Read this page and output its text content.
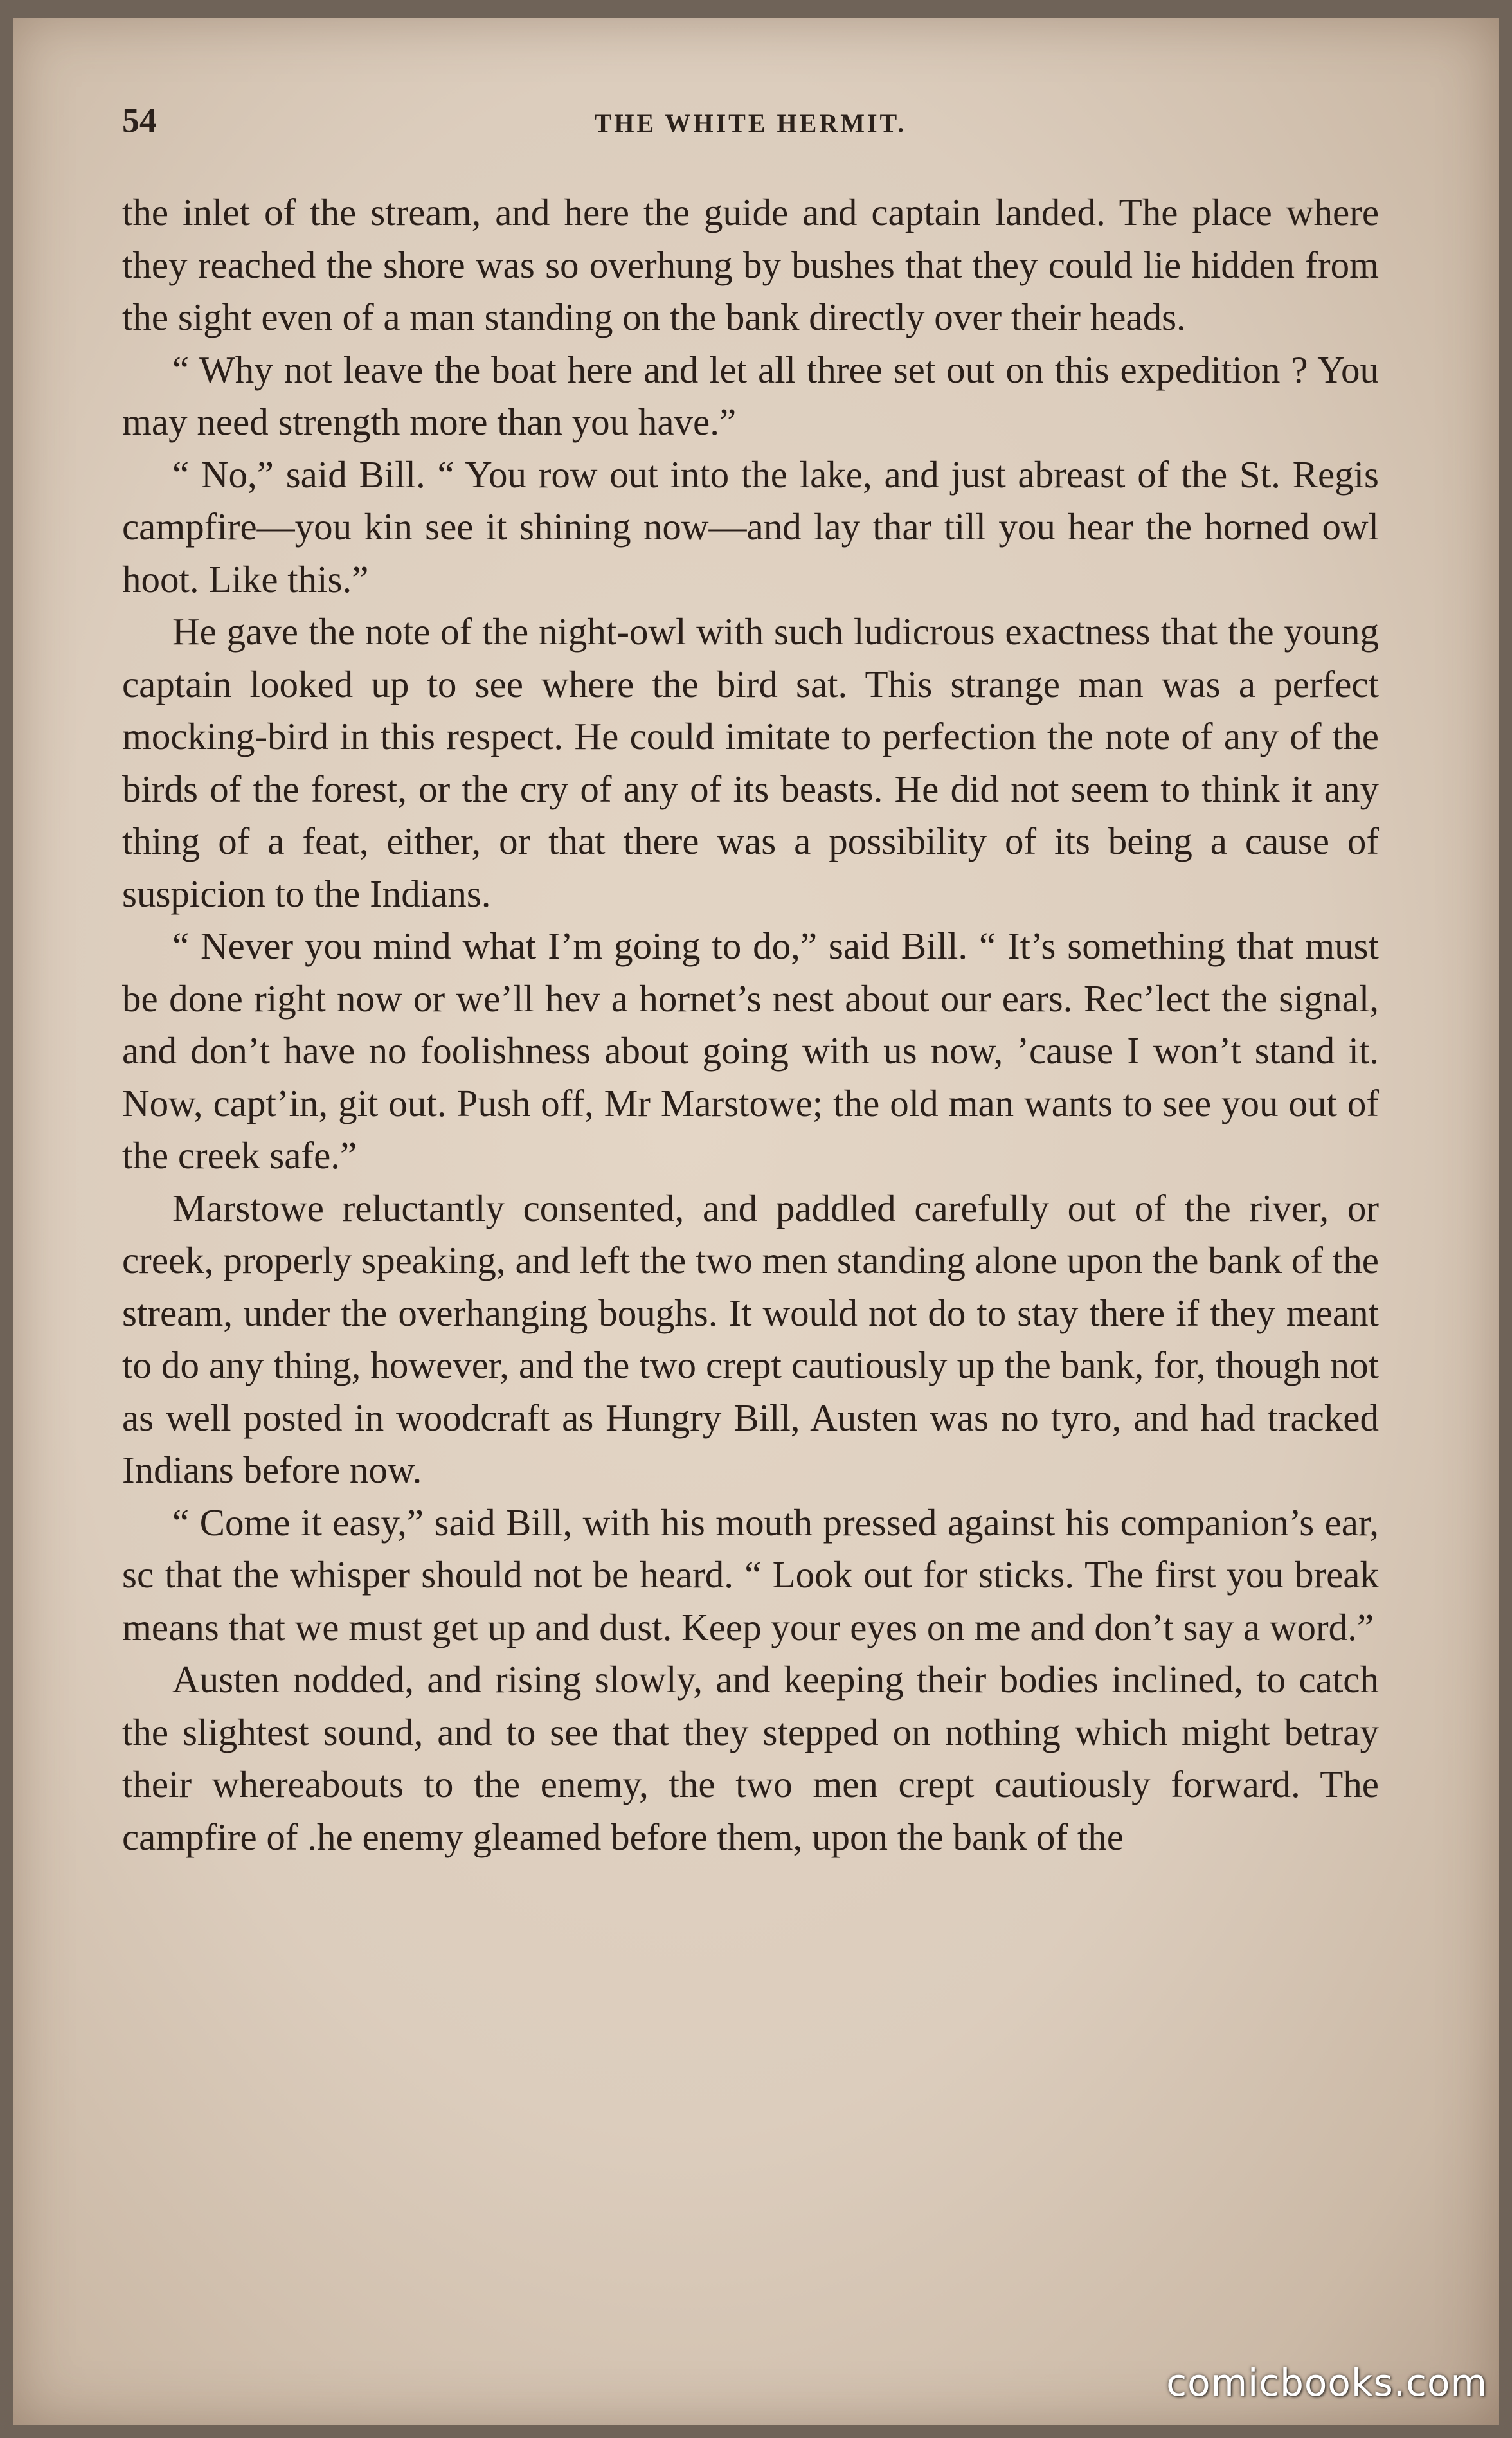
54	THE WHITE HERMIT.

the inlet of the stream, and here the guide and captain landed. The place where they reached the shore was so overhung by bushes that they could lie hidden from the sight even of a man standing on the bank directly over their heads.

“ Why not leave the boat here and let all three set out on this expedition ? You may need strength more than you have.”

“ No,” said Bill. “ You row out into the lake, and just abreast of the St. Regis campfire—you kin see it shining now—and lay thar till you hear the horned owl hoot. Like this.”

He gave the note of the night-owl with such ludicrous exactness that the young captain looked up to see where the bird sat. This strange man was a perfect mocking-bird in this respect. He could imitate to perfection the note of any of the birds of the forest, or the cry of any of its beasts. He did not seem to think it any thing of a feat, either, or that there was a possibility of its being a cause of suspicion to the Indians.

“ Never you mind what I’m going to do,” said Bill. “ It’s something that must be done right now or we’ll hev a hornet’s nest about our ears. Rec’lect the signal, and don’t have no foolishness about going with us now, ’cause I won’t stand it. Now, capt’in, git out. Push off, Mr Marstowe; the old man wants to see you out of the creek safe.”

Marstowe reluctantly consented, and paddled carefully out of the river, or creek, properly speaking, and left the two men standing alone upon the bank of the stream, under the overhanging boughs. It would not do to stay there if they meant to do any thing, however, and the two crept cautiously up the bank, for, though not as well posted in woodcraft as Hungry Bill, Austen was no tyro, and had tracked Indians before now.

“ Come it easy,” said Bill, with his mouth pressed against his companion’s ear, sc that the whisper should not be heard. “ Look out for sticks. The first you break means that we must get up and dust. Keep your eyes on me and don’t say a word.”

Austen nodded, and rising slowly, and keeping their bodies inclined, to catch the slightest sound, and to see that they stepped on nothing which might betray their whereabouts to the enemy, the two men crept cautiously forward. The campfire of .he enemy gleamed before them, upon the bank of the

comicbooks.com
